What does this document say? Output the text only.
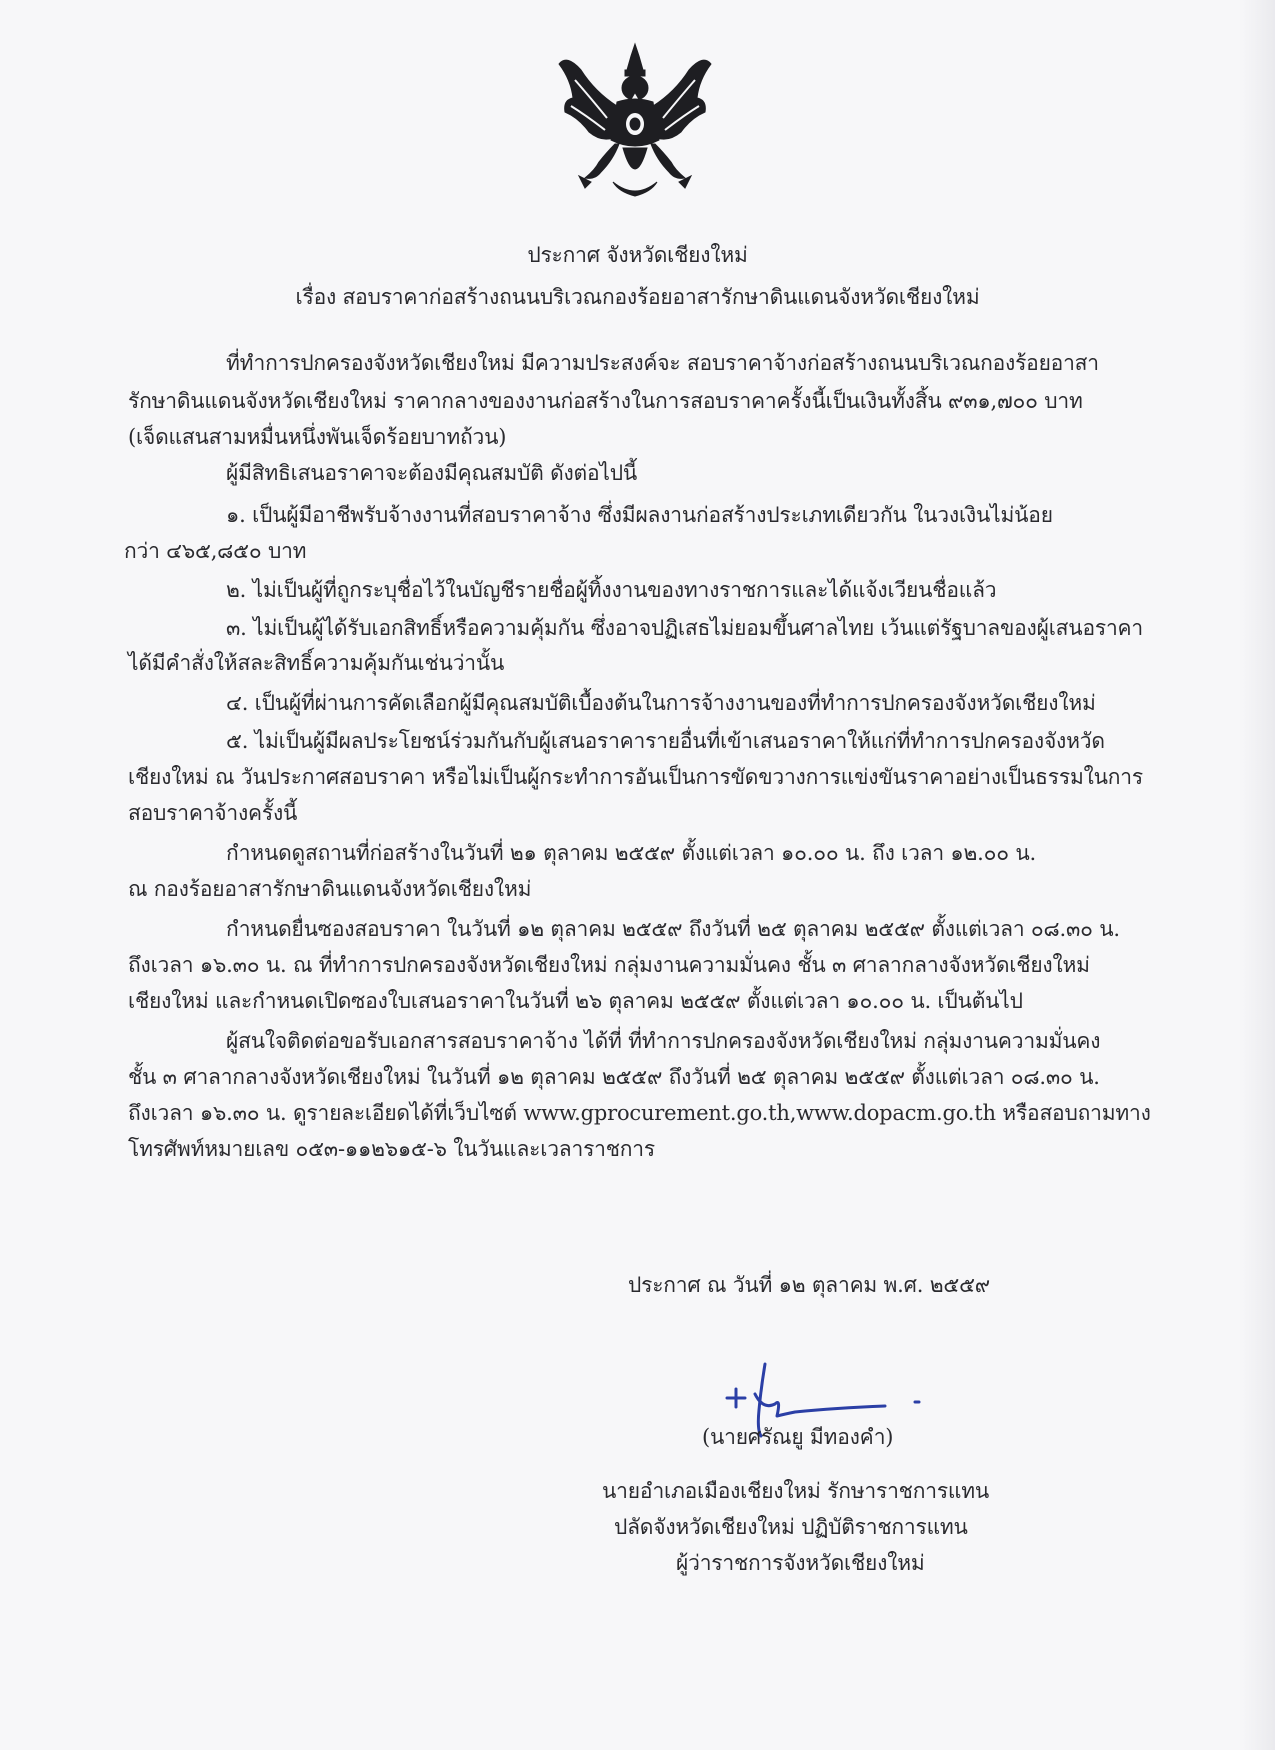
ประกาศ จังหวัดเชียงใหม่
เรื่อง สอบราคาก่อสร้างถนนบริเวณกองร้อยอาสารักษาดินแดนจังหวัดเชียงใหม่
ที่ทำการปกครองจังหวัดเชียงใหม่ มีความประสงค์จะ สอบราคาจ้างก่อสร้างถนนบริเวณกองร้อยอาสา
รักษาดินแดนจังหวัดเชียงใหม่ ราคากลางของงานก่อสร้างในการสอบราคาครั้งนี้เป็นเงินทั้งสิ้น ๙๓๑,๗๐๐ บาท
(เจ็ดแสนสามหมื่นหนึ่งพันเจ็ดร้อยบาทถ้วน)
ผู้มีสิทธิเสนอราคาจะต้องมีคุณสมบัติ ดังต่อไปนี้
๑. เป็นผู้มีอาชีพรับจ้างงานที่สอบราคาจ้าง ซึ่งมีผลงานก่อสร้างประเภทเดียวกัน ในวงเงินไม่น้อย
กว่า ๔๖๕,๘๕๐ บาท
๒. ไม่เป็นผู้ที่ถูกระบุชื่อไว้ในบัญชีรายชื่อผู้ทิ้งงานของทางราชการและได้แจ้งเวียนชื่อแล้ว
๓. ไม่เป็นผู้ได้รับเอกสิทธิ์หรือความคุ้มกัน ซึ่งอาจปฏิเสธไม่ยอมขึ้นศาลไทย เว้นแต่รัฐบาลของผู้เสนอราคา
ได้มีคำสั่งให้สละสิทธิ์ความคุ้มกันเช่นว่านั้น
๔. เป็นผู้ที่ผ่านการคัดเลือกผู้มีคุณสมบัติเบื้องต้นในการจ้างงานของที่ทำการปกครองจังหวัดเชียงใหม่
๕. ไม่เป็นผู้มีผลประโยชน์ร่วมกันกับผู้เสนอราคารายอื่นที่เข้าเสนอราคาให้แก่ที่ทำการปกครองจังหวัด
เชียงใหม่ ณ วันประกาศสอบราคา หรือไม่เป็นผู้กระทำการอันเป็นการขัดขวางการแข่งขันราคาอย่างเป็นธรรมในการ
สอบราคาจ้างครั้งนี้
กำหนดดูสถานที่ก่อสร้างในวันที่ ๒๑ ตุลาคม ๒๕๕๙ ตั้งแต่เวลา ๑๐.๐๐ น. ถึง เวลา ๑๒.๐๐ น.
ณ กองร้อยอาสารักษาดินแดนจังหวัดเชียงใหม่
กำหนดยื่นซองสอบราคา ในวันที่ ๑๒ ตุลาคม ๒๕๕๙ ถึงวันที่ ๒๕ ตุลาคม ๒๕๕๙ ตั้งแต่เวลา ๐๘.๓๐ น.
ถึงเวลา ๑๖.๓๐ น. ณ ที่ทำการปกครองจังหวัดเชียงใหม่ กลุ่มงานความมั่นคง ชั้น ๓ ศาลากลางจังหวัดเชียงใหม่
เชียงใหม่ และกำหนดเปิดซองใบเสนอราคาในวันที่ ๒๖ ตุลาคม ๒๕๕๙ ตั้งแต่เวลา ๑๐.๐๐ น. เป็นต้นไป
ผู้สนใจติดต่อขอรับเอกสารสอบราคาจ้าง ได้ที่ ที่ทำการปกครองจังหวัดเชียงใหม่ กลุ่มงานความมั่นคง
ชั้น ๓ ศาลากลางจังหวัดเชียงใหม่ ในวันที่ ๑๒ ตุลาคม ๒๕๕๙ ถึงวันที่ ๒๕ ตุลาคม ๒๕๕๙ ตั้งแต่เวลา ๐๘.๓๐ น.
ถึงเวลา ๑๖.๓๐ น. ดูรายละเอียดได้ที่เว็บไซต์ www.gprocurement.go.th,www.dopacm.go.th หรือสอบถามทาง
โทรศัพท์หมายเลข ๐๕๓-๑๑๒๖๑๕-๖ ในวันและเวลาราชการ
ประกาศ ณ วันที่ ๑๒ ตุลาคม พ.ศ. ๒๕๕๙
(นายศรัณยู มีทองคำ)
นายอำเภอเมืองเชียงใหม่ รักษาราชการแทน
ปลัดจังหวัดเชียงใหม่ ปฏิบัติราชการแทน
ผู้ว่าราชการจังหวัดเชียงใหม่
